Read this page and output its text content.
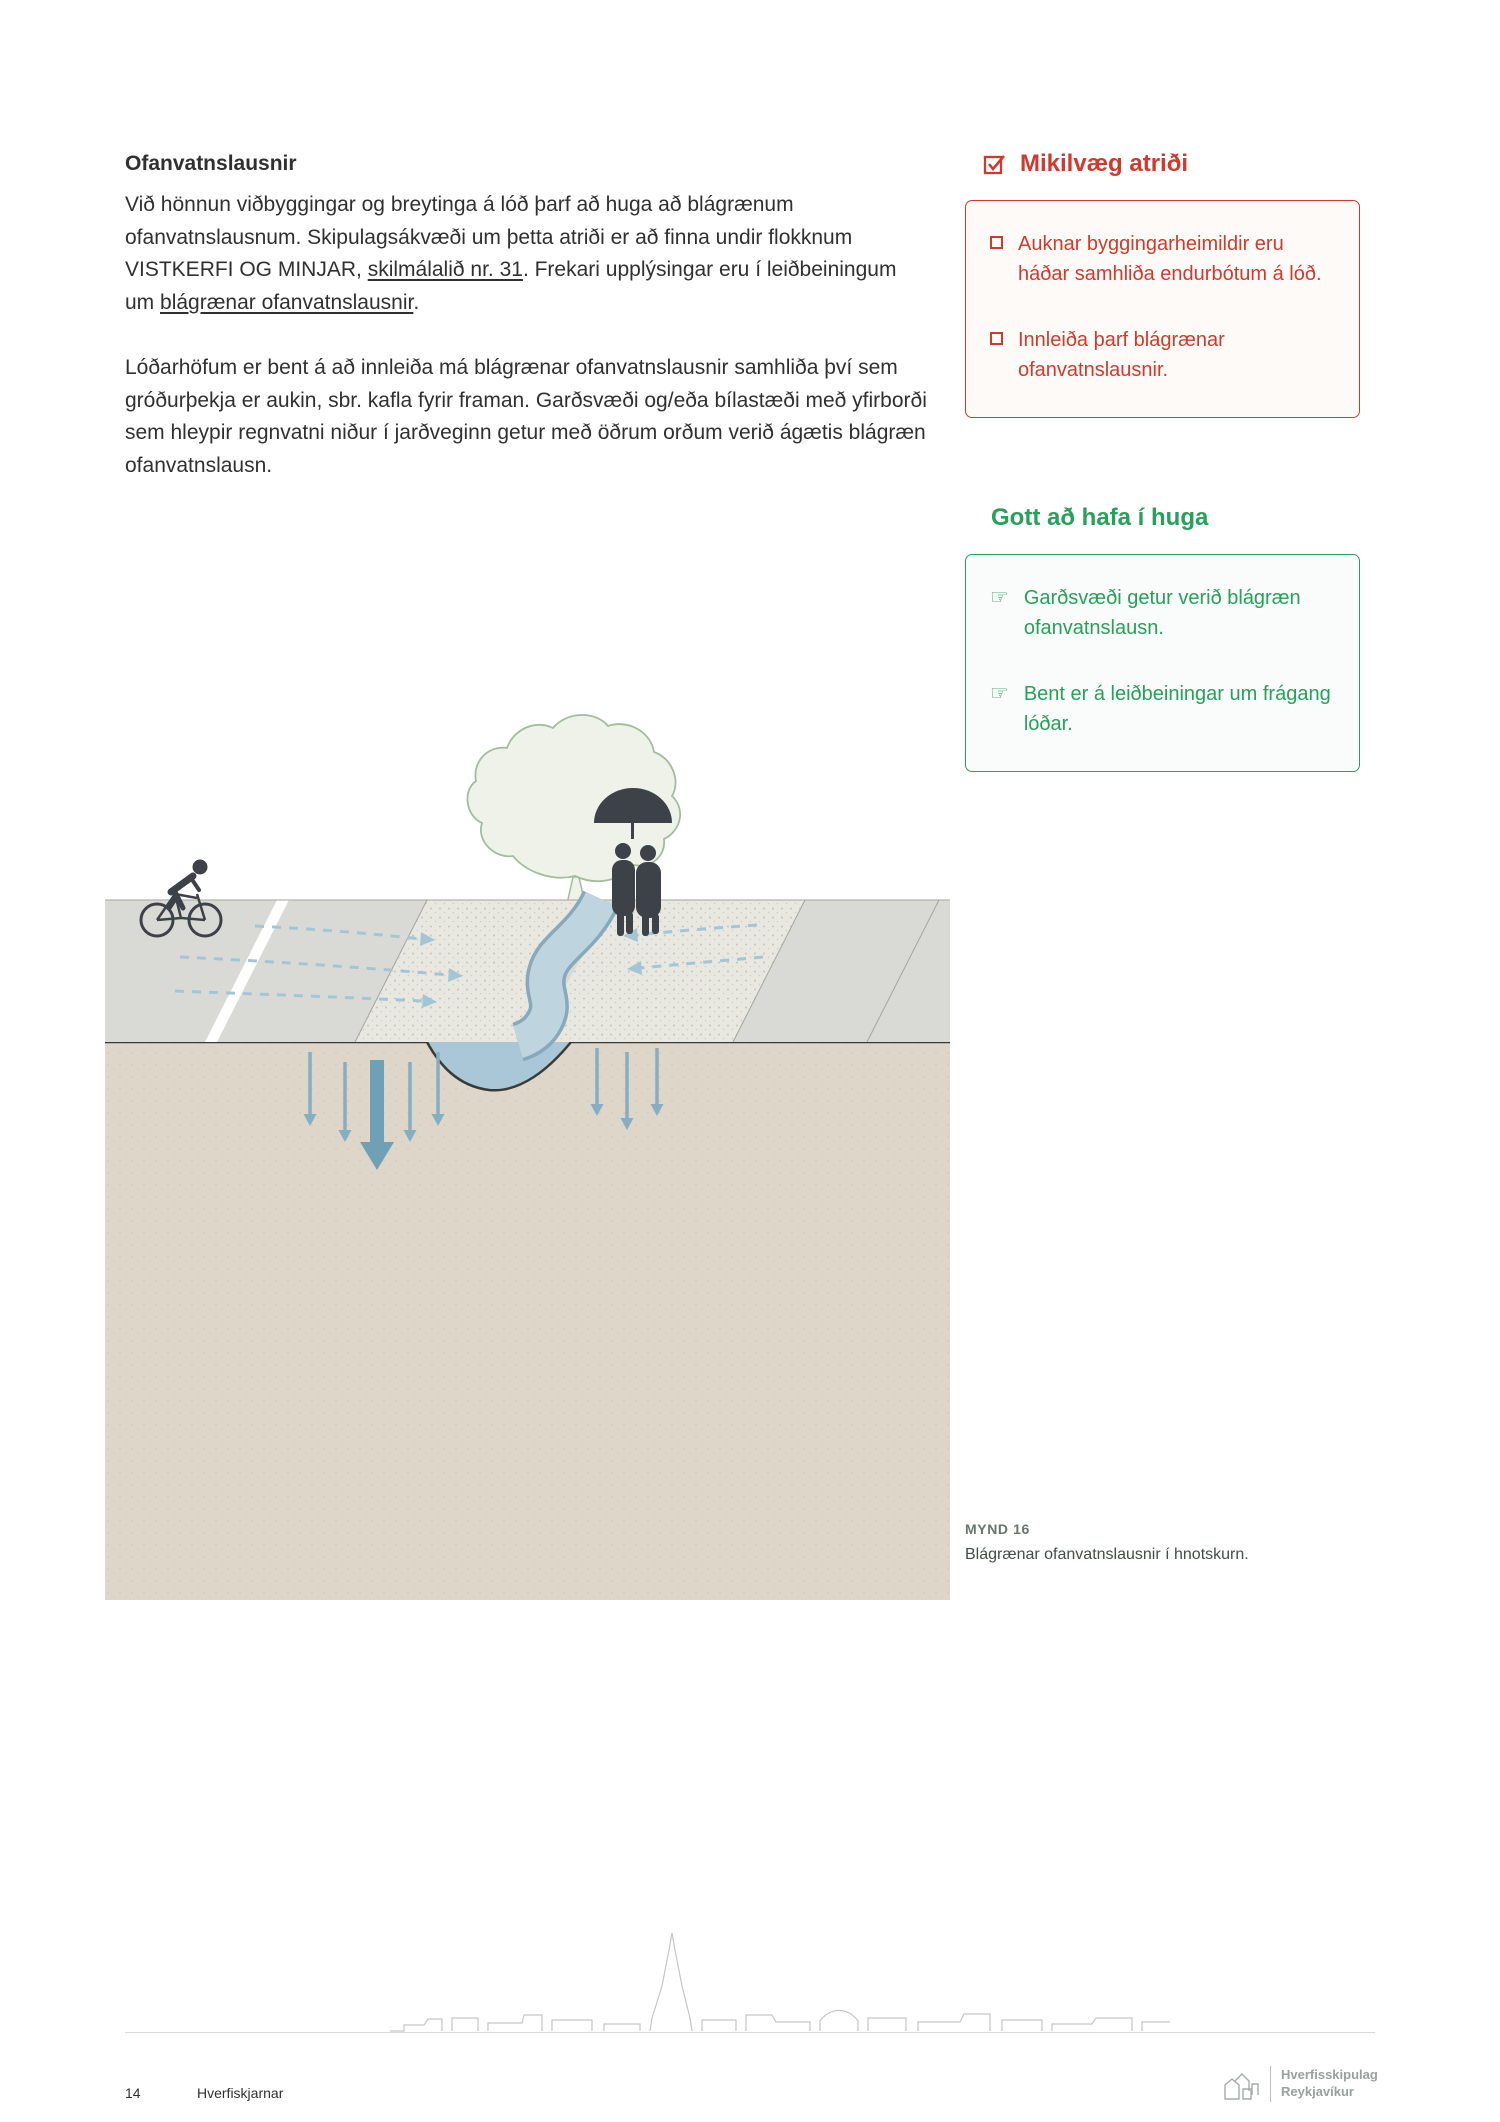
Ofanvatnslausnir

Við hönnun viðbyggingar og breytinga á lóð þarf að huga að blágrænum ofanvatnslausnum. Skipulagsákvæði um þetta atriði er að finna undir flokknum VISTKERFI OG MINJAR, skilmálalið nr. 31. Frekari upplýsingar eru í leiðbeiningum um blágrænar ofanvatnslausnir.

Lóðarhöfum er bent á að innleiða má blágrænar ofanvatnslausnir samhliða því sem gróðurþekja er aukin, sbr. kafla fyrir framan. Garðsvæði og/eða bílastæði með yfirborði sem hleypir regnvatni niður í jarðveginn getur með öðrum orðum verið ágætis blágræn ofanvatnslausn.

Mikilvæg atriði
Auknar byggingarheimildir eru háðar samhliða endurbótum á lóð.
Innleiða þarf blágrænar ofanvatnslausnir.
Gott að hafa í huga
☞ Garðsvæði getur verið blágræn ofanvatnslausn.
☞ Bent er á leiðbeiningar um frágang lóðar.
MYND 16
Blágrænar ofanvatnslausnir í hnotskurn.
14	Hverfiskjarnar
Hverfisskipulag
Reykjavíkur
